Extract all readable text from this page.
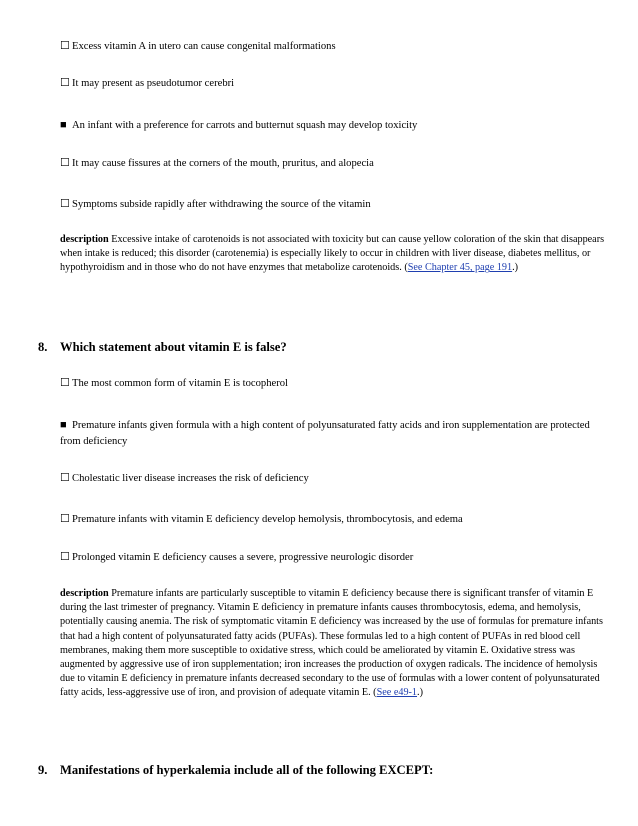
☐ Excess vitamin A in utero can cause congenital malformations
☐ It may present as pseudotumor cerebri
■ An infant with a preference for carrots and butternut squash may develop toxicity
☐ It may cause fissures at the corners of the mouth, pruritus, and alopecia
☐ Symptoms subside rapidly after withdrawing the source of the vitamin
description Excessive intake of carotenoids is not associated with toxicity but can cause yellow coloration of the skin that disappears when intake is reduced; this disorder (carotenemia) is especially likely to occur in children with liver disease, diabetes mellitus, or hypothyroidism and in those who do not have enzymes that metabolize carotenoids. (See Chapter 45, page 191.)
8. Which statement about vitamin E is false?
☐ The most common form of vitamin E is tocopherol
■ Premature infants given formula with a high content of polyunsaturated fatty acids and iron supplementation are protected from deficiency
☐ Cholestatic liver disease increases the risk of deficiency
☐ Premature infants with vitamin E deficiency develop hemolysis, thrombocytosis, and edema
☐ Prolonged vitamin E deficiency causes a severe, progressive neurologic disorder
description Premature infants are particularly susceptible to vitamin E deficiency because there is significant transfer of vitamin E during the last trimester of pregnancy. Vitamin E deficiency in premature infants causes thrombocytosis, edema, and hemolysis, potentially causing anemia. The risk of symptomatic vitamin E deficiency was increased by the use of formulas for premature infants that had a high content of polyunsaturated fatty acids (PUFAs). These formulas led to a high content of PUFAs in red blood cell membranes, making them more susceptible to oxidative stress, which could be ameliorated by vitamin E. Oxidative stress was augmented by aggressive use of iron supplementation; iron increases the production of oxygen radicals. The incidence of hemolysis due to vitamin E deficiency in premature infants decreased secondary to the use of formulas with a lower content of polyunsaturated fatty acids, less-aggressive use of iron, and provision of adequate vitamin E. (See e49-1.)
9. Manifestations of hyperkalemia include all of the following EXCEPT:
